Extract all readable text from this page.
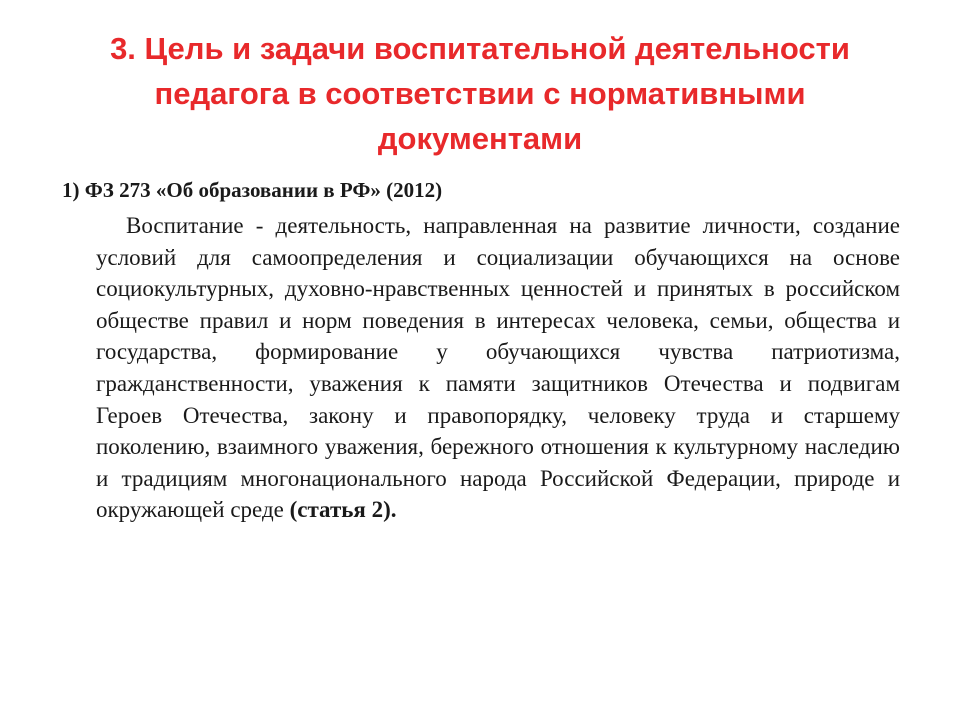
3. Цель и задачи воспитательной деятельности
педагога в соответствии с нормативными
документами

1) ФЗ 273 «Об образовании в РФ» (2012)

Воспитание - деятельность, направленная на развитие личности, создание условий для самоопределения и социализации обучающихся на основе социокультурных, духовно-нравственных ценностей и принятых в российском обществе правил и норм поведения в интересах человека, семьи, общества и государства, формирование у обучающихся чувства патриотизма, гражданственности, уважения к памяти защитников Отечества и подвигам Героев Отечества, закону и правопорядку, человеку труда и старшему поколению, взаимного уважения, бережного отношения к культурному наследию и традициям многонационального народа Российской Федерации, природе и окружающей среде (статья 2).
